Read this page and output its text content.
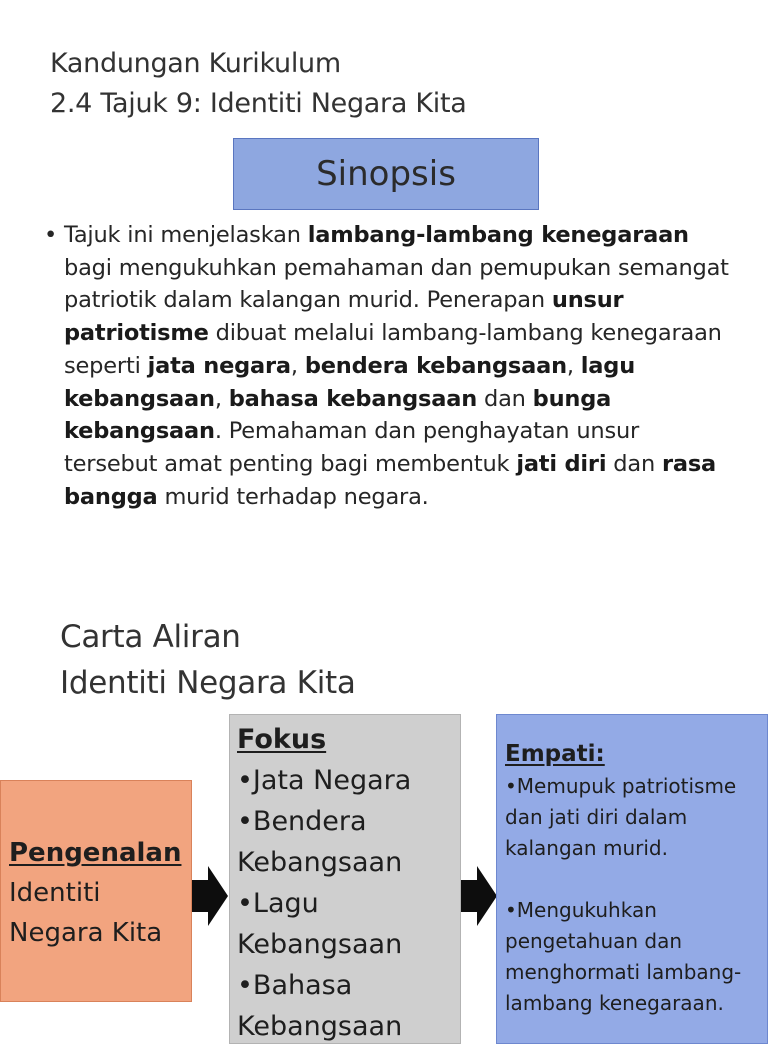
Kandungan Kurikulum
2.4 Tajuk 9: Identiti Negara Kita
Sinopsis
• Tajuk ini menjelaskan lambang-lambang kenegaraan bagi mengukuhkan pemahaman dan pemupukan semangat patriotik dalam kalangan murid. Penerapan unsur patriotisme dibuat melalui lambang-lambang kenegaraan seperti jata negara, bendera kebangsaan, lagu kebangsaan, bahasa kebangsaan dan bunga kebangsaan. Pemahaman dan penghayatan unsur tersebut amat penting bagi membentuk jati diri dan rasa bangga murid terhadap negara.
Carta Aliran
Identiti Negara Kita
Pengenalan
Identiti
Negara Kita
Fokus
•Jata Negara
•Bendera
Kebangsaan
•Lagu
Kebangsaan
•Bahasa
Kebangsaan
Empati:
•Memupuk patriotisme
dan jati diri dalam
kalangan murid.
•Mengukuhkan
pengetahuan dan
menghormati lambang-
lambang kenegaraan.
